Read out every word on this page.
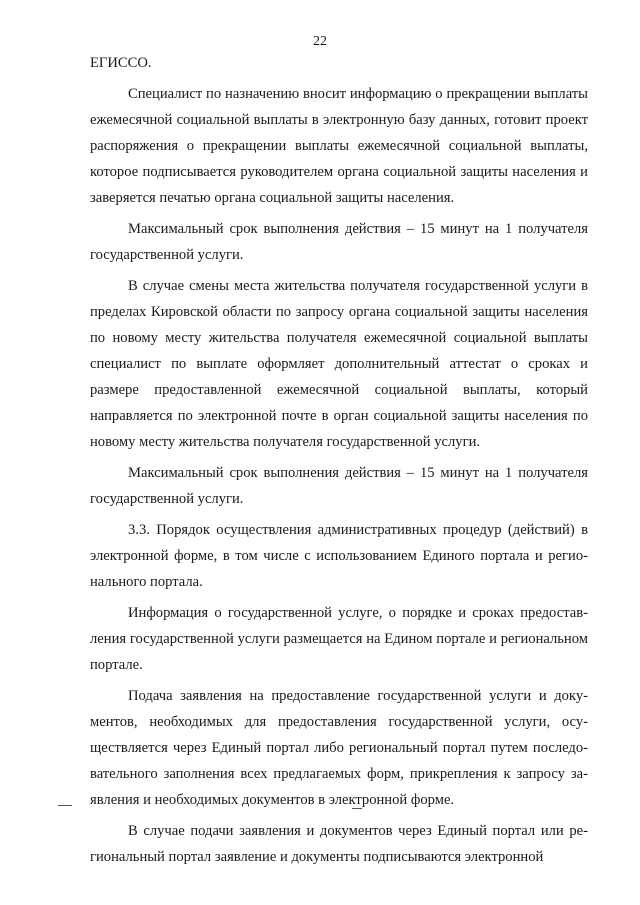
22

ЕГИССО.

Специалист по назначению вносит информацию о прекращении выплаты ежемесячной социальной выплаты в электронную базу данных, готовит проект распоряжения о прекращении выплаты ежемесячной социальной выплаты, которое подписывается руководителем органа социальной защиты населения и заверяется печатью органа социальной защиты населения.

Максимальный срок выполнения действия – 15 минут на 1 получателя государственной услуги.

В случае смены места жительства получателя государственной услуги в пределах Кировской области по запросу органа социальной защиты населения по новому месту жительства получателя ежемесячной социальной выплаты специалист по выплате оформляет дополнительный аттестат о сроках и размере предоставленной ежемесячной социальной выплаты, который направляется по электронной почте в орган социальной защиты населения по новому месту жительства получателя государственной услуги.

Максимальный срок выполнения действия – 15 минут на 1 получателя государственной услуги.

3.3. Порядок осуществления административных процедур (действий) в электронной форме, в том числе с использованием Единого портала и регионального портала.

Информация о государственной услуге, о порядке и сроках предоставления государственной услуги размещается на Едином портале и региональном портале.

Подача заявления на предоставление государственной услуги и документов, необходимых для предоставления государственной услуги, осуществляется через Единый портал либо региональный портал путем последовательного заполнения всех предлагаемых форм, прикрепления к запросу заявления и необходимых документов в электронной форме.

В случае подачи заявления и документов через Единый портал или региональный портал заявление и документы подписываются электронной
